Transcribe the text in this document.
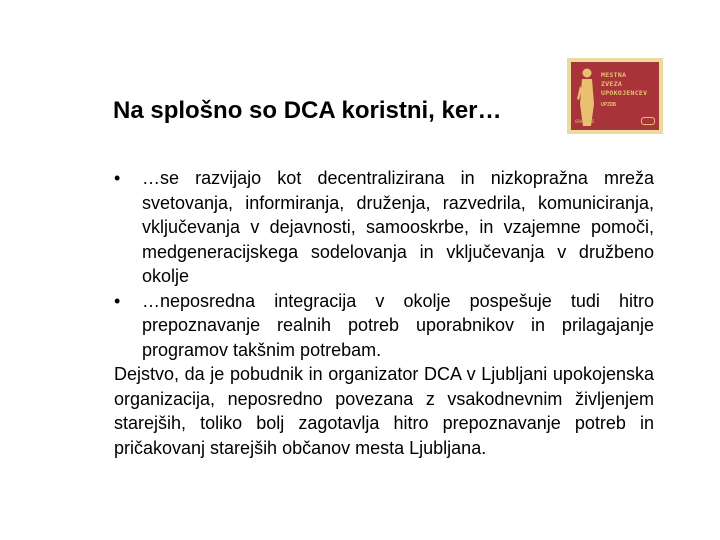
Na splošno so DCA koristni, ker…
MESTNA
ZVEZA
UPOKOJENCEV
UPZDB
GRAVITAS
• …se razvijajo kot decentralizirana in nizkopražna mreža svetovanja, informiranja, druženja, razvedrila, komuniciranja, vključevanja v dejavnosti, samooskrbe, in vzajemne pomoči, medgeneracijskega sodelovanja in vključevanja v družbeno okolje
• …neposredna integracija v okolje pospešuje tudi hitro prepoznavanje realnih potreb uporabnikov in prilagajanje programov takšnim potrebam.

Dejstvo, da je pobudnik in organizator DCA v Ljubljani upokojenska organizacija, neposredno povezana z vsakodnevnim življenjem starejših, toliko bolj zagotavlja hitro prepoznavanje potreb in pričakovanj starejših občanov mesta Ljubljana.
